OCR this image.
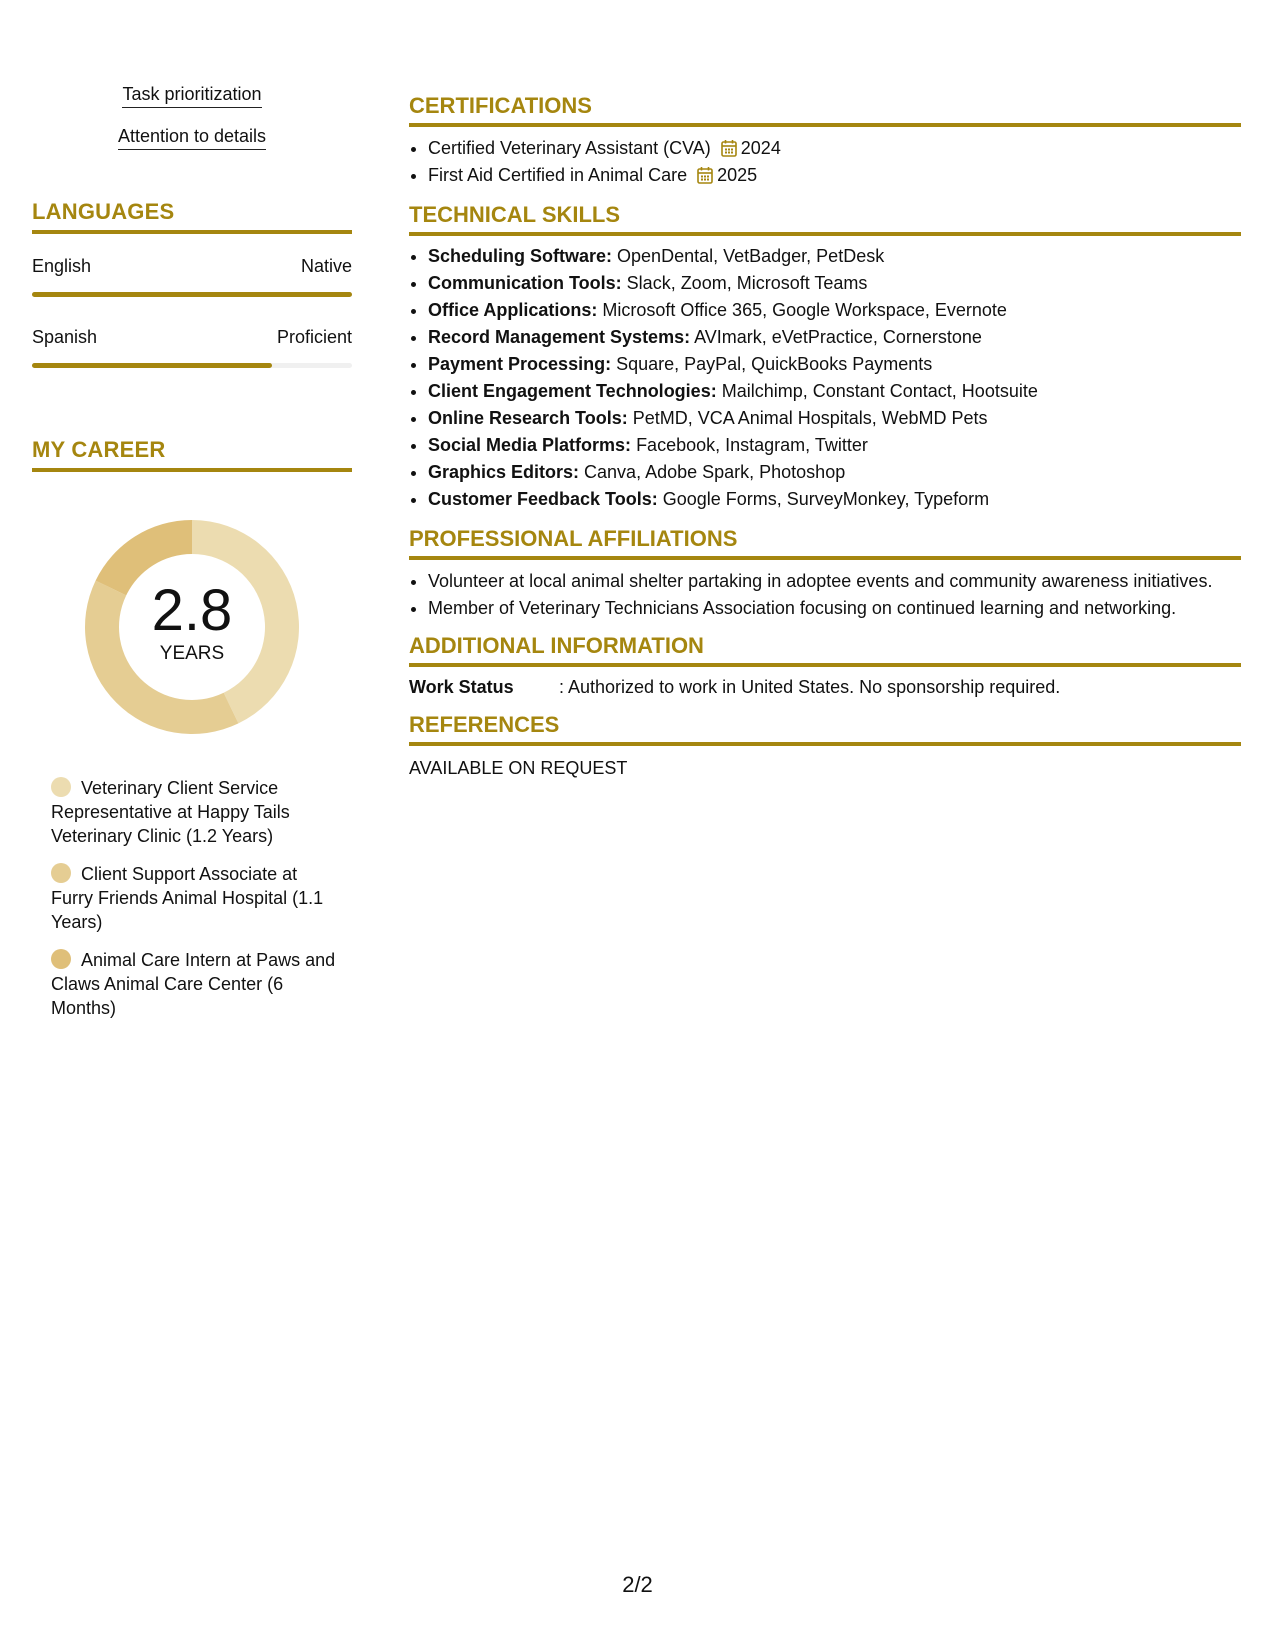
Task prioritization
Attention to details
LANGUAGES
English	Native
Spanish	Proficient
MY CAREER
2.8
YEARS
Veterinary Client Service Representative at Happy Tails Veterinary Clinic (1.2 Years)
Client Support Associate at Furry Friends Animal Hospital (1.1 Years)
Animal Care Intern at Paws and Claws Animal Care Center (6 Months)
CERTIFICATIONS
• Certified Veterinary Assistant (CVA) 2024
• First Aid Certified in Animal Care 2025
TECHNICAL SKILLS
• Scheduling Software: OpenDental, VetBadger, PetDesk
• Communication Tools: Slack, Zoom, Microsoft Teams
• Office Applications: Microsoft Office 365, Google Workspace, Evernote
• Record Management Systems: AVImark, eVetPractice, Cornerstone
• Payment Processing: Square, PayPal, QuickBooks Payments
• Client Engagement Technologies: Mailchimp, Constant Contact, Hootsuite
• Online Research Tools: PetMD, VCA Animal Hospitals, WebMD Pets
• Social Media Platforms: Facebook, Instagram, Twitter
• Graphics Editors: Canva, Adobe Spark, Photoshop
• Customer Feedback Tools: Google Forms, SurveyMonkey, Typeform
PROFESSIONAL AFFILIATIONS
• Volunteer at local animal shelter partaking in adoptee events and community awareness initiatives.
• Member of Veterinary Technicians Association focusing on continued learning and networking.
ADDITIONAL INFORMATION
Work Status	: Authorized to work in United States. No sponsorship required.
REFERENCES
AVAILABLE ON REQUEST
2/2
